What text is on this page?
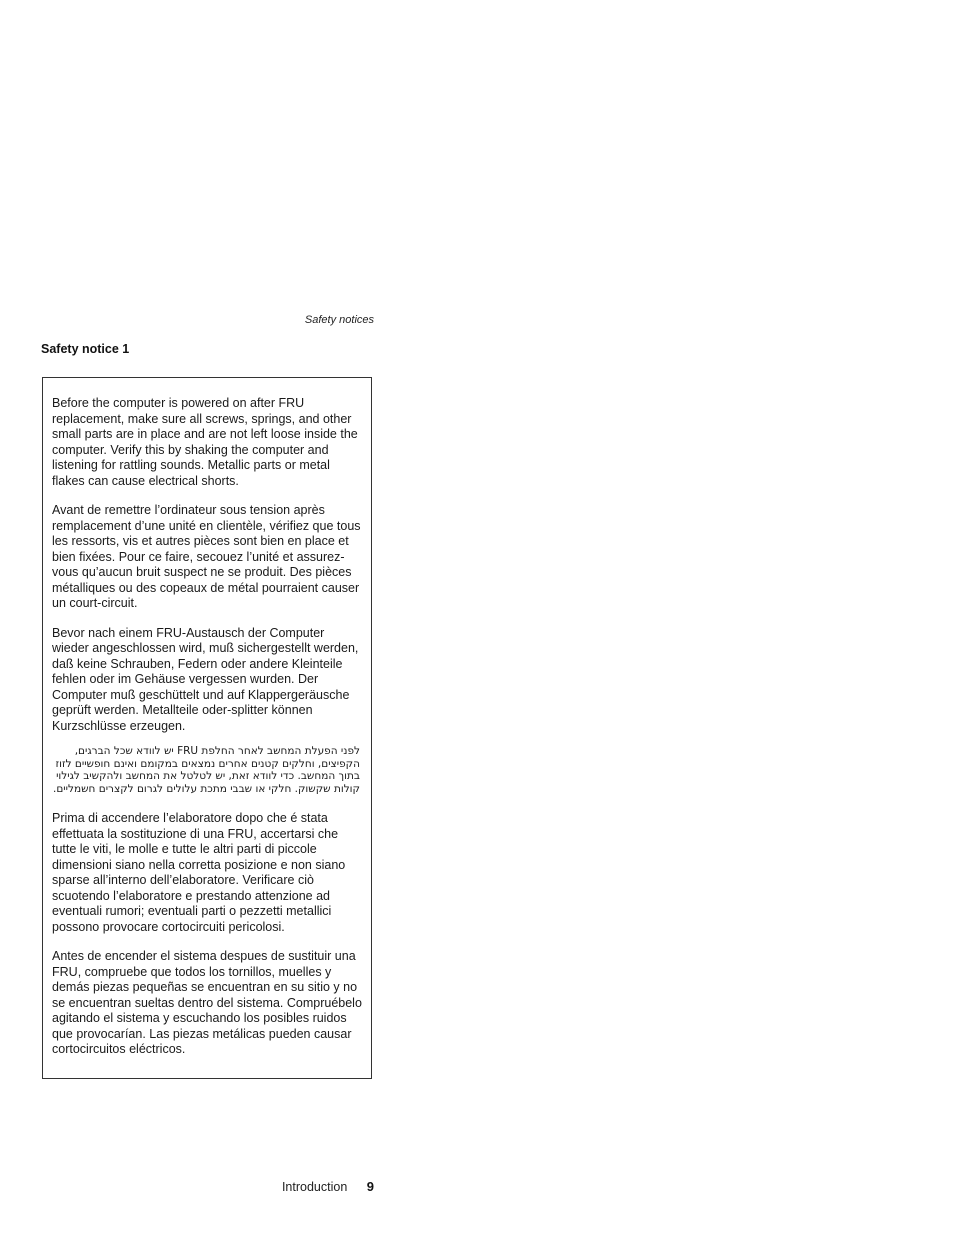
Safety notices
Safety notice 1

Before the computer is powered on after FRU replacement, make sure all screws, springs, and other small parts are in place and are not left loose inside the computer. Verify this by shaking the computer and listening for rattling sounds. Metallic parts or metal flakes can cause electrical shorts.

Avant de remettre l’ordinateur sous tension après remplacement d’une unité en clientèle, vérifiez que tous les ressorts, vis et autres pièces sont bien en place et bien fixées. Pour ce faire, secouez l’unité et assurez-vous qu’aucun bruit suspect ne se produit. Des pièces métalliques ou des copeaux de métal pourraient causer un court-circuit.

Bevor nach einem FRU-Austausch der Computer wieder angeschlossen wird, muß sichergestellt werden, daß keine Schrauben, Federn oder andere Kleinteile fehlen oder im Gehäuse vergessen wurden. Der Computer muß geschüttelt und auf Klappergeräusche geprüft werden. Metallteile oder-splitter können Kurzschlüsse erzeugen.

לפני הפעלת המחשב לאחר החלפת FRU יש לוודא שכל הברגים, הקפיצים, וחלקים קטנים אחרים נמצאים במקומם ואינם חופשיים לזוז בתוך המחשב. כדי לוודא זאת, יש לטלטל את המחשב ולהקשיב לגילוי קולות שקשוק. חלקי או שבבי מתכת עלולים לגרום לקצרים חשמליים.

Prima di accendere l’elaboratore dopo che é stata effettuata la sostituzione di una FRU, accertarsi che tutte le viti, le molle e tutte le altri parti di piccole dimensioni siano nella corretta posizione e non siano sparse all’interno dell’elaboratore. Verificare ciò scuotendo l’elaboratore e prestando attenzione ad eventuali rumori; eventuali parti o pezzetti metallici possono provocare cortocircuiti pericolosi.

Antes de encender el sistema despues de sustituir una FRU, compruebe que todos los tornillos, muelles y demás piezas pequeñas se encuentran en su sitio y no se encuentran sueltas dentro del sistema. Compruébelo agitando el sistema y escuchando los posibles ruidos que provocarían. Las piezas metálicas pueden causar cortocircuitos eléctricos.

Introduction 9
